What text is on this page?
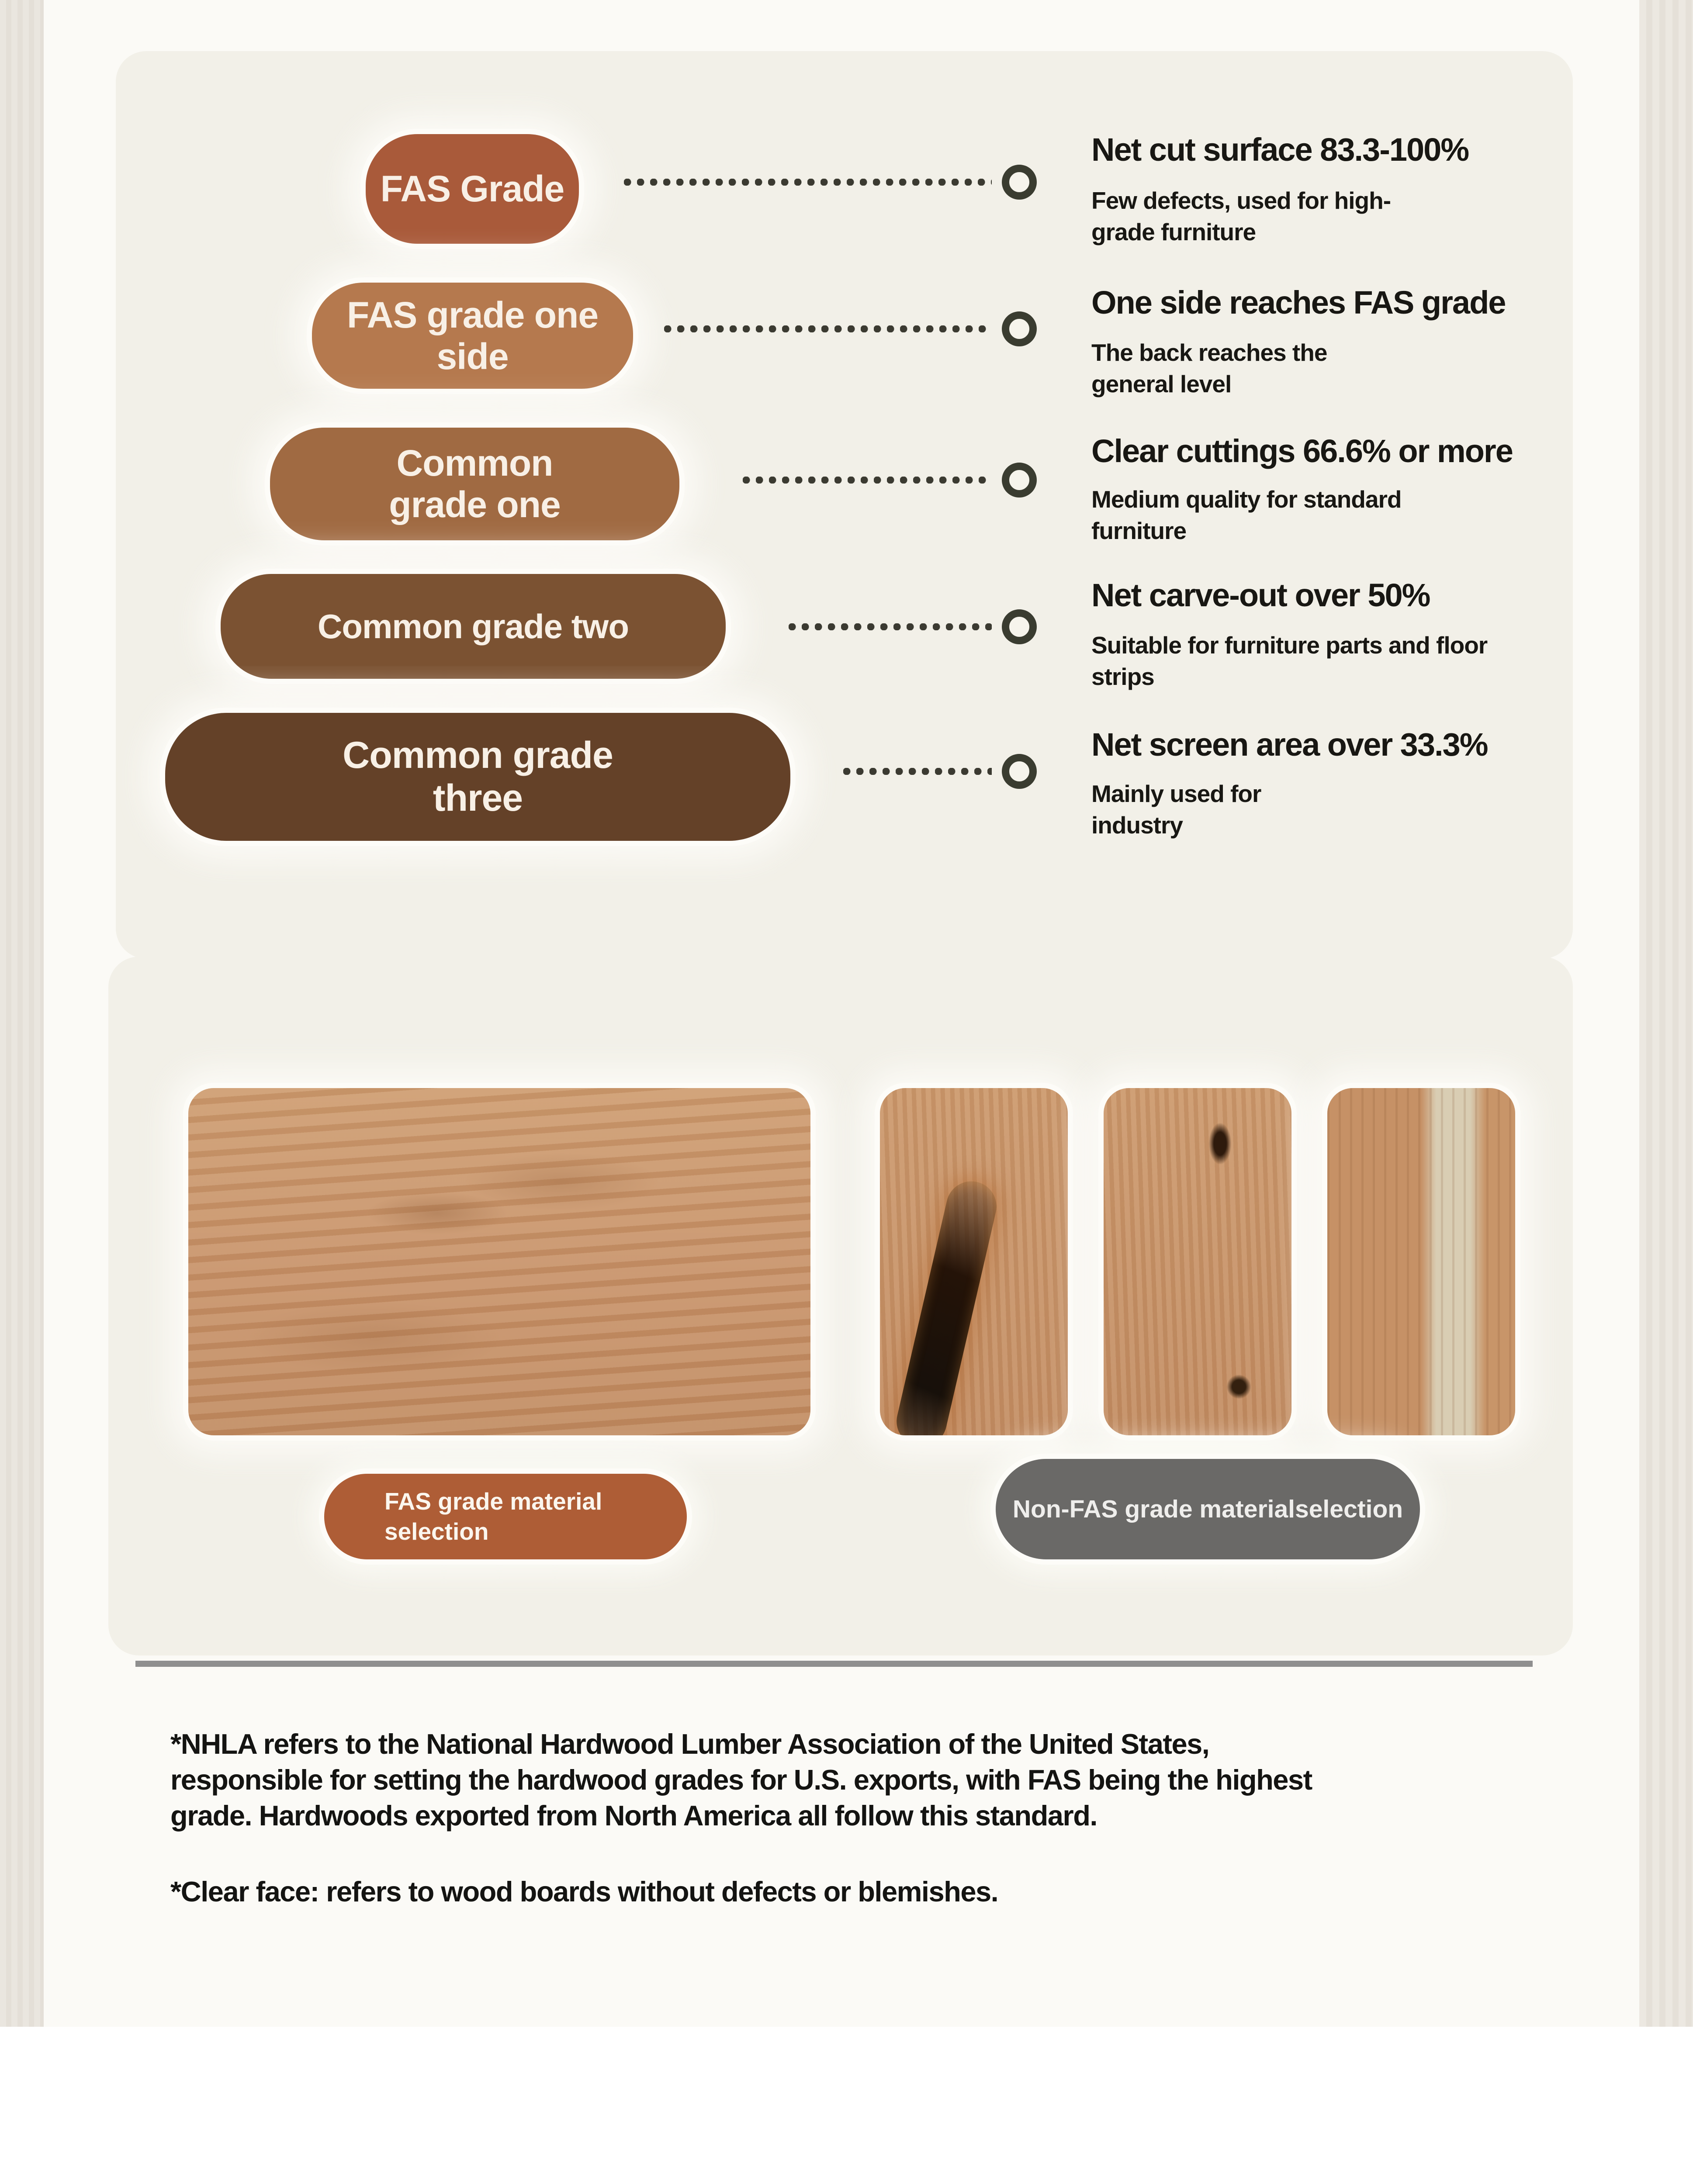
FAS Grade
Net cut surface 83.3-100%
Few defects, used for high-
grade furniture
FAS grade one
side
One side reaches FAS grade
The back reaches the
general level
Common
grade one
Clear cuttings 66.6% or more
Medium quality for standard
furniture
Common grade two
Net carve-out over 50%
Suitable for furniture parts and floor
strips
Common grade
three
Net screen area over 33.3%
Mainly used for
industry
FAS grade material
selection
Non-FAS grade materialselection
*NHLA refers to the National Hardwood Lumber Association of the United States,
responsible for setting the hardwood grades for U.S. exports, with FAS being the highest
grade. Hardwoods exported from North America all follow this standard.
*Clear face: refers to wood boards without defects or blemishes.
